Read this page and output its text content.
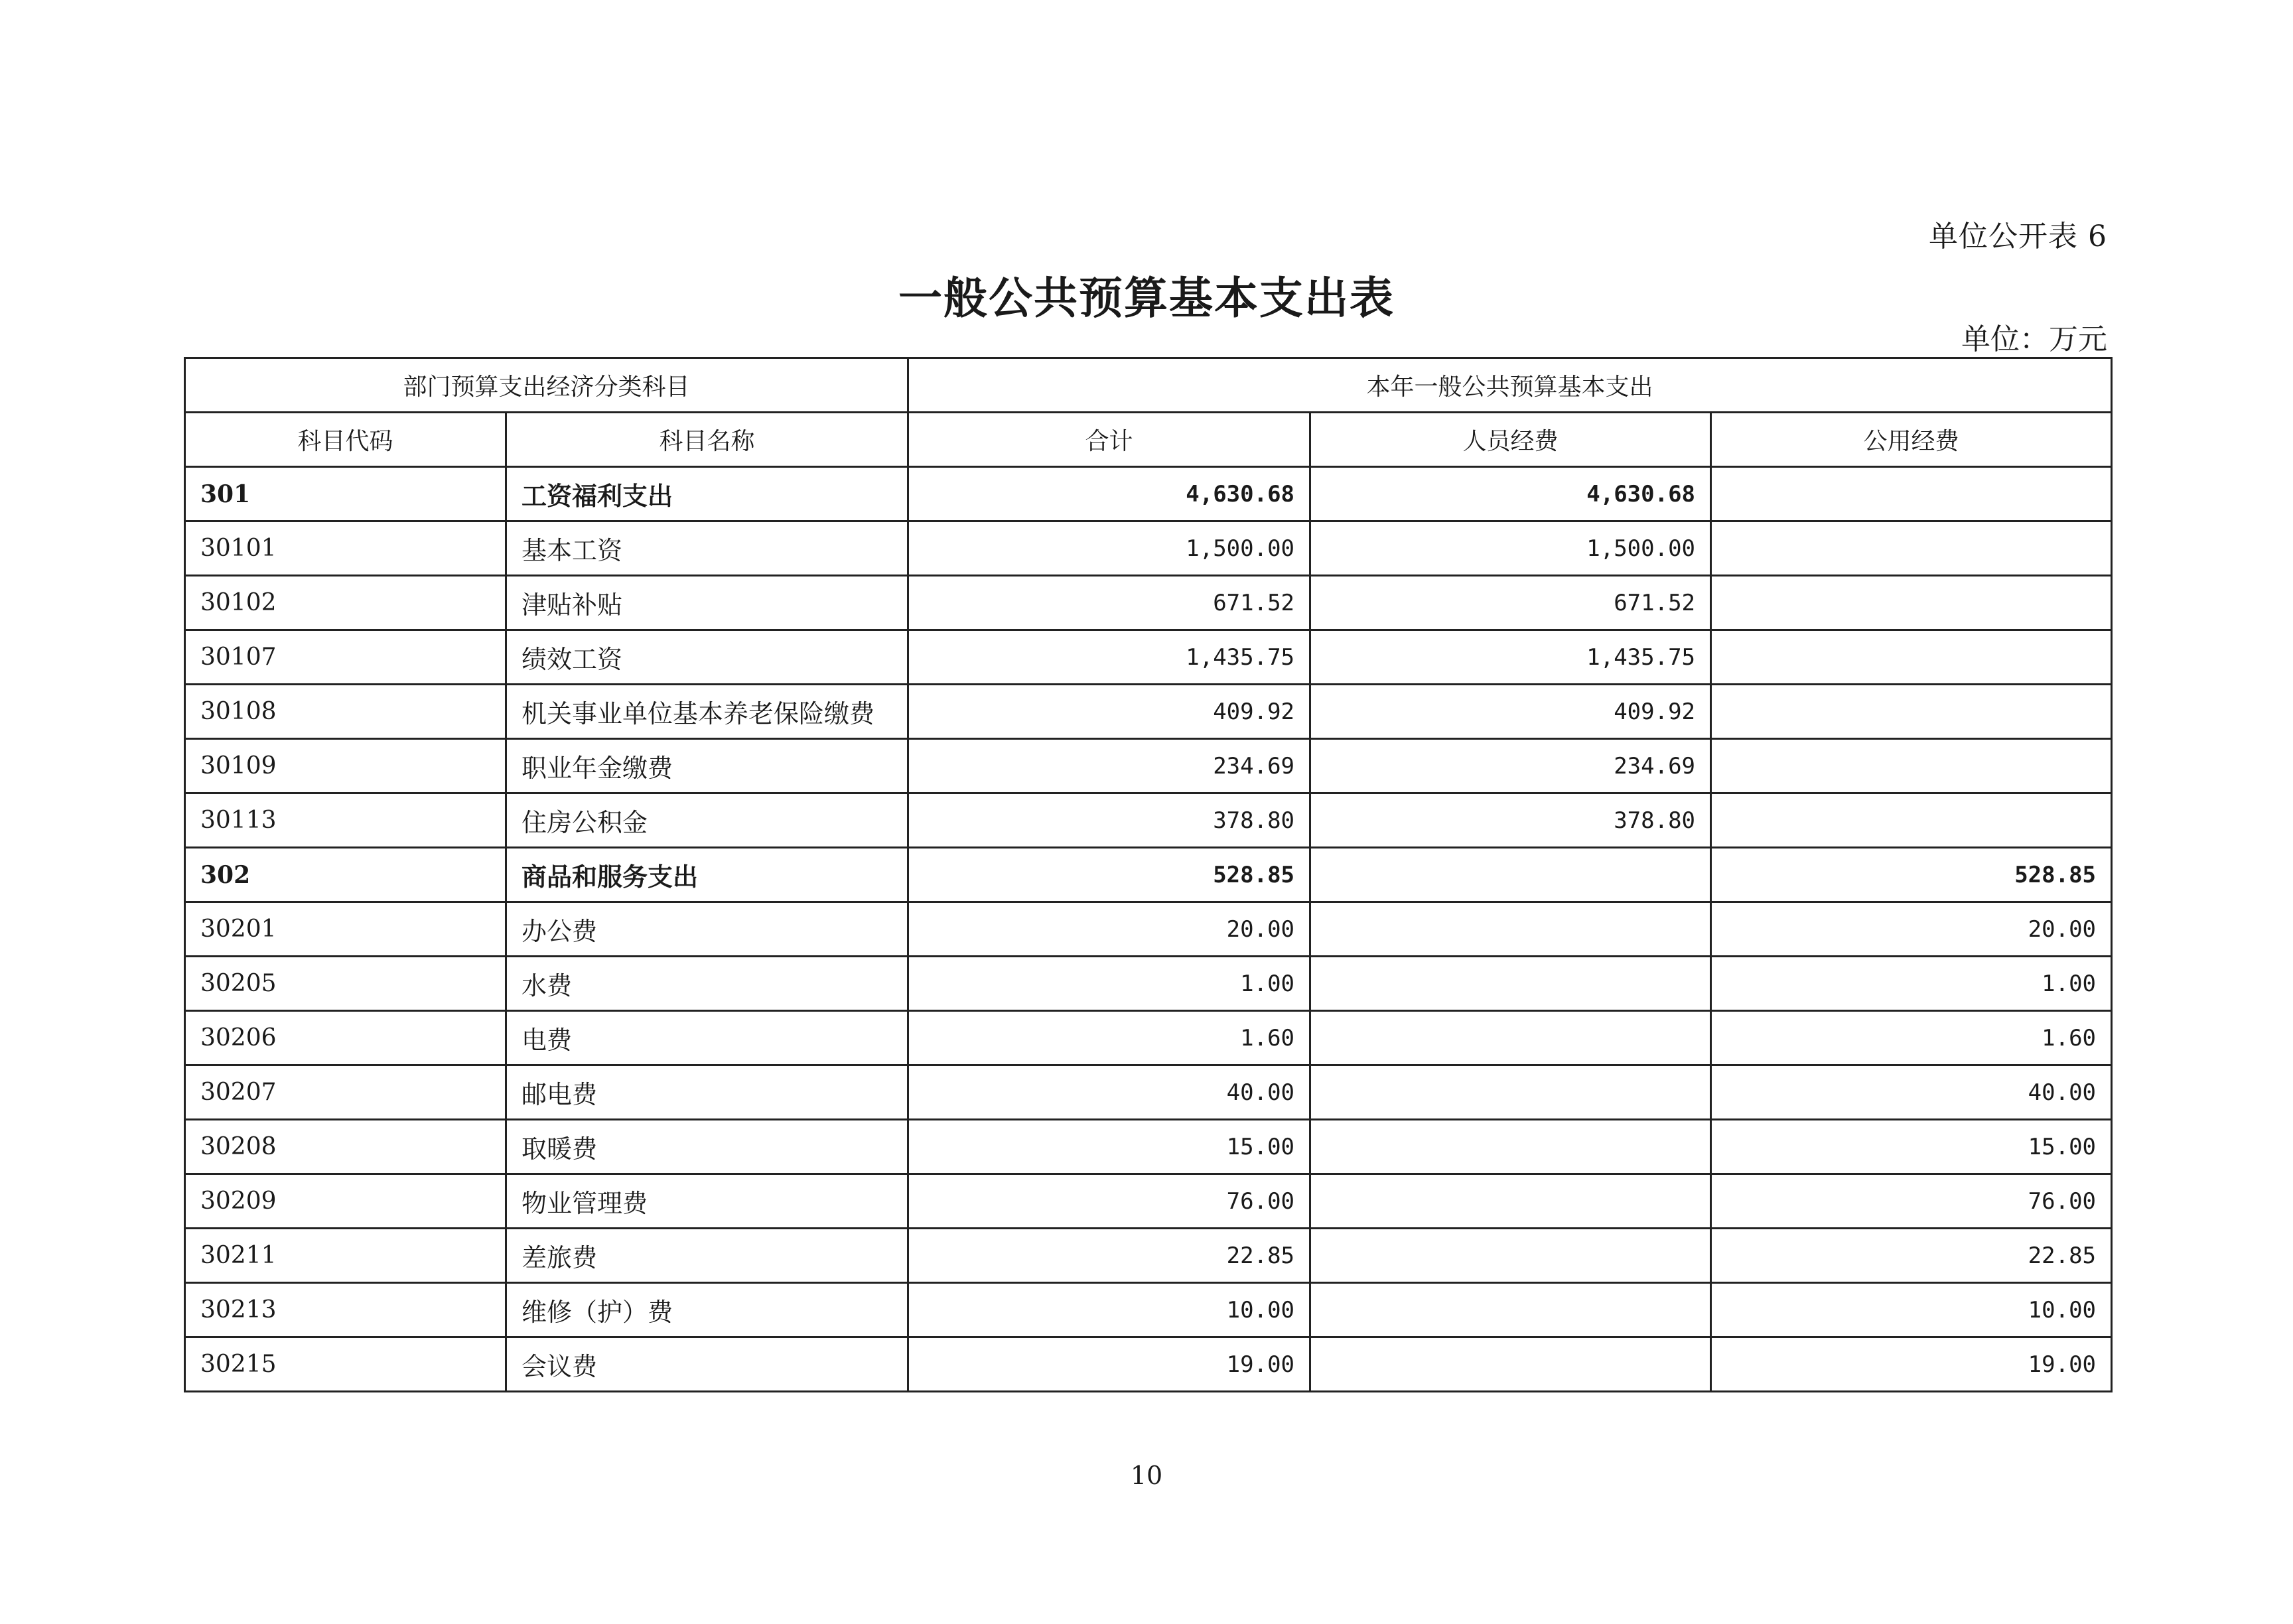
单位公开表 6
一般公共预算基本支出表
单位：万元
部门预算支出经济分类科目		本年一般公共预算基本支出		
科目代码	科目名称	合计	人员经费	公用经费
301	工资福利支出	4,630.68	4,630.68	
30101	基本工资	1,500.00	1,500.00	
30102	津贴补贴	671.52	671.52	
30107	绩效工资	1,435.75	1,435.75	
30108	机关事业单位基本养老保险缴费	409.92	409.92	
30109	职业年金缴费	234.69	234.69	
30113	住房公积金	378.80	378.80	
302	商品和服务支出	528.85		528.85
30201	办公费	20.00		20.00
30205	水费	1.00		1.00
30206	电费	1.60		1.60
30207	邮电费	40.00		40.00
30208	取暖费	15.00		15.00
30209	物业管理费	76.00		76.00
30211	差旅费	22.85		22.85
30213	维修（护）费	10.00		10.00
30215	会议费	19.00		19.00
10
